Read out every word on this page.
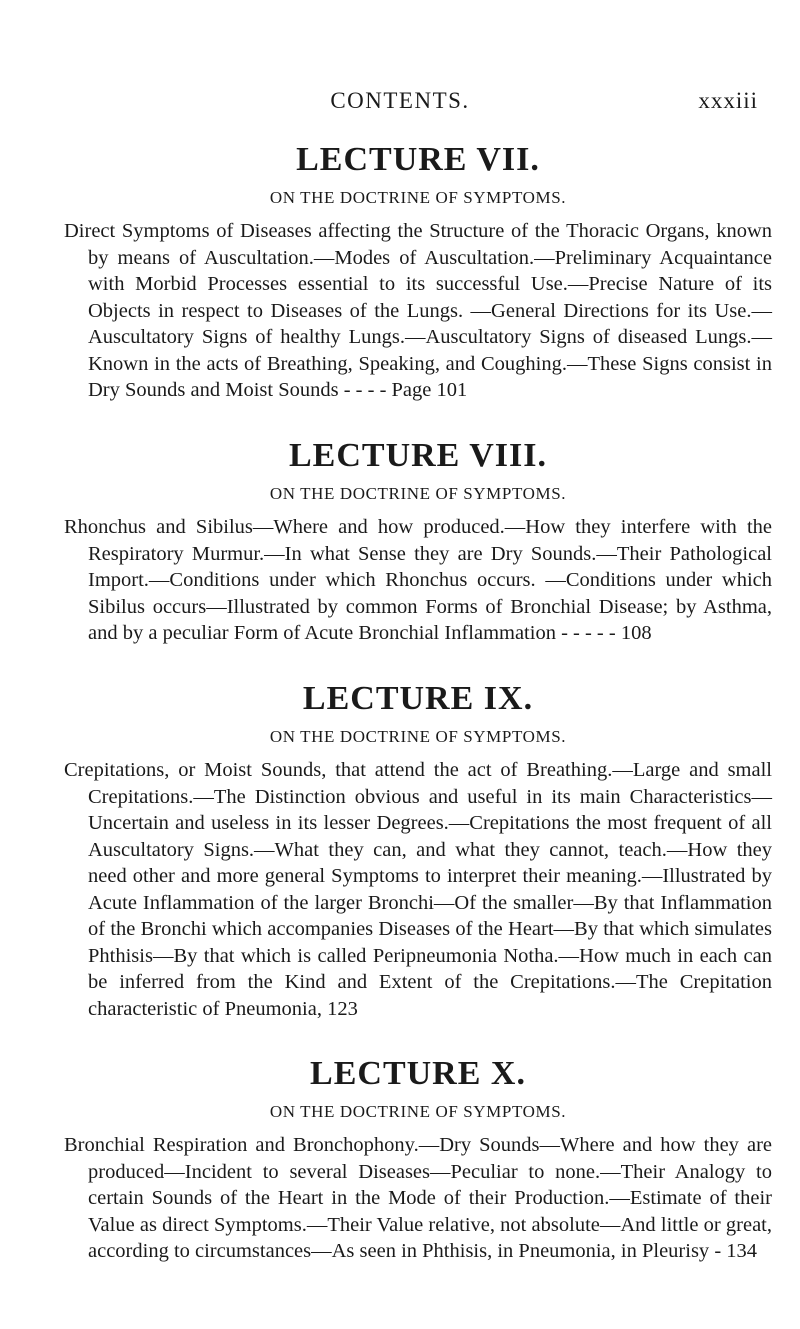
CONTENTS.	xxxiii
LECTURE VII.
ON THE DOCTRINE OF SYMPTOMS.

Direct Symptoms of Diseases affecting the Structure of the Thoracic Organs, known by means of Auscultation.—Modes of Auscultation.—Preliminary Acquaintance with Morbid Processes essential to its successful Use.—Precise Nature of its Objects in respect to Diseases of the Lungs. —General Directions for its Use.—Auscultatory Signs of healthy Lungs.—Auscultatory Signs of diseased Lungs.—Known in the acts of Breathing, Speaking, and Coughing.—These Signs consist in Dry Sounds and Moist Sounds - - - - Page 101

LECTURE VIII.
ON THE DOCTRINE OF SYMPTOMS.

Rhonchus and Sibilus—Where and how produced.—How they interfere with the Respiratory Murmur.—In what Sense they are Dry Sounds.—Their Pathological Import.—Conditions under which Rhonchus occurs. —Conditions under which Sibilus occurs—Illustrated by common Forms of Bronchial Disease; by Asthma, and by a peculiar Form of Acute Bronchial Inflammation - - - - - 108

LECTURE IX.
ON THE DOCTRINE OF SYMPTOMS.

Crepitations, or Moist Sounds, that attend the act of Breathing.—Large and small Crepitations.—The Distinction obvious and useful in its main Characteristics—Uncertain and useless in its lesser Degrees.—Crepitations the most frequent of all Auscultatory Signs.—What they can, and what they cannot, teach.—How they need other and more general Symptoms to interpret their meaning.—Illustrated by Acute Inflammation of the larger Bronchi—Of the smaller—By that Inflammation of the Bronchi which accompanies Diseases of the Heart—By that which simulates Phthisis—By that which is called Peripneumonia Notha.—How much in each can be inferred from the Kind and Extent of the Crepitations.—The Crepitation characteristic of Pneumonia, 123

LECTURE X.
ON THE DOCTRINE OF SYMPTOMS.

Bronchial Respiration and Bronchophony.—Dry Sounds—Where and how they are produced—Incident to several Diseases—Peculiar to none.—Their Analogy to certain Sounds of the Heart in the Mode of their Production.—Estimate of their Value as direct Symptoms.—Their Value relative, not absolute—And little or great, according to circumstances—As seen in Phthisis, in Pneumonia, in Pleurisy - 134
